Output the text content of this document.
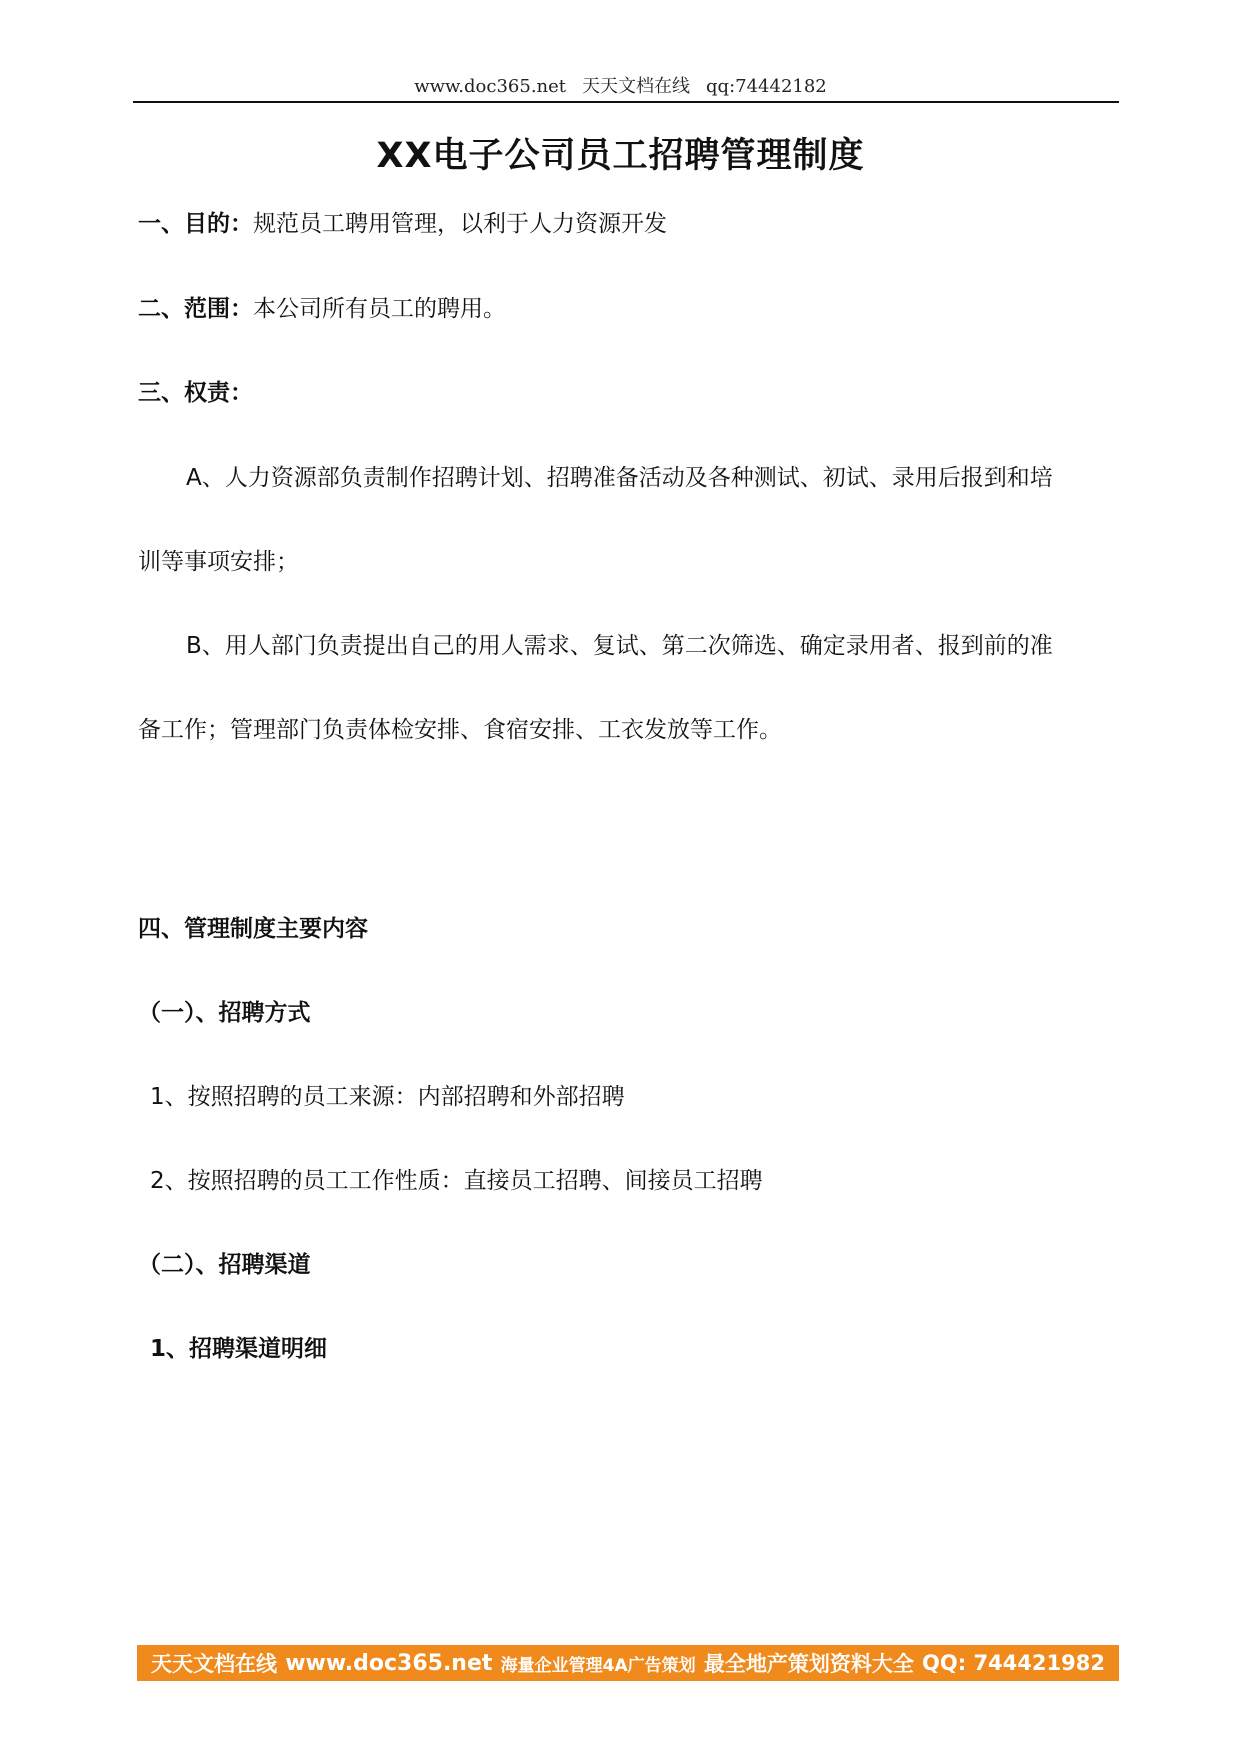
www.doc365.net 天天文档在线 qq:74442182
XX电子公司员工招聘管理制度
一、目的：规范员工聘用管理，以利于人力资源开发
二、范围：本公司所有员工的聘用。
三、权责：
A、人力资源部负责制作招聘计划、招聘准备活动及各种测试、初试、录用后报到和培
训等事项安排；
B、用人部门负责提出自己的用人需求、复试、第二次筛选、确定录用者、报到前的准
备工作；管理部门负责体检安排、食宿安排、工衣发放等工作。
四、管理制度主要内容
（一）、招聘方式
1、按照招聘的员工来源：内部招聘和外部招聘
2、按照招聘的员工工作性质：直接员工招聘、间接员工招聘
（二）、招聘渠道
1、招聘渠道明细
天天文档在线 www.doc365.net 海量企业管理4A广告策划 最全地产策划资料大全 QQ: 744421982
